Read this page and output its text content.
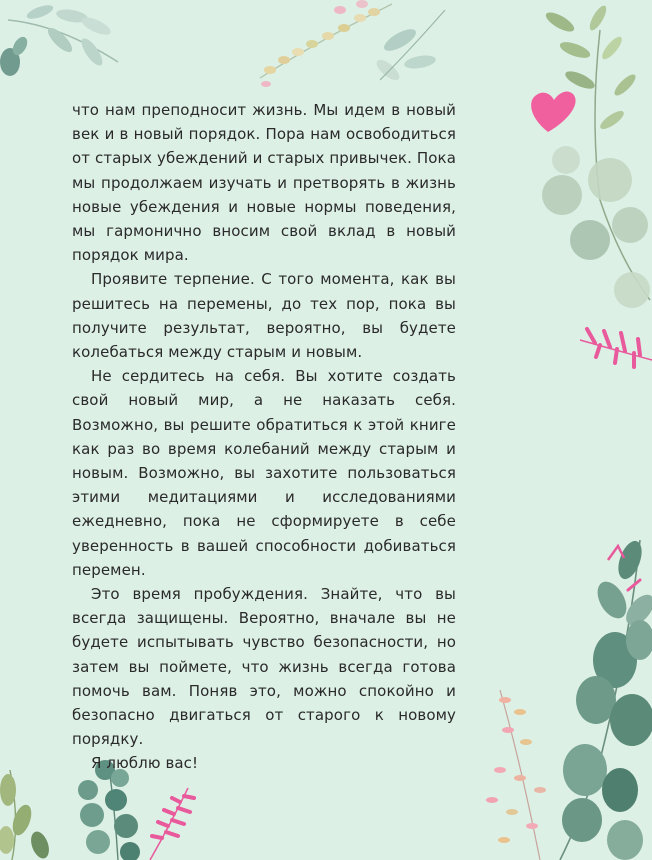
что нам преподносит жизнь. Мы идем в новый век и в новый порядок. Пора нам освободиться от старых убеждений и старых привычек. Пока мы продолжаем изучать и претворять в жизнь новые убеждения и новые нормы поведения, мы гармонично вносим свой вклад в новый порядок мира.

Проявите терпение. С того момента, как вы решитесь на перемены, до тех пор, пока вы получите результат, вероятно, вы будете колебаться между старым и новым.

Не сердитесь на себя. Вы хотите создать свой новый мир, а не наказать себя. Возможно, вы решите обратиться к этой книге как раз во время колебаний между старым и новым. Возможно, вы захотите пользоваться этими медитациями и исследованиями ежедневно, пока не сформируете в себе уверенность в вашей способности добиваться перемен.

Это время пробуждения. Знайте, что вы всегда защищены. Вероятно, вначале вы не будете испытывать чувство безопасности, но затем вы поймете, что жизнь всегда готова помочь вам. Поняв это, можно спокойно и безопасно двигаться от старого к новому порядку.

Я люблю вас!
